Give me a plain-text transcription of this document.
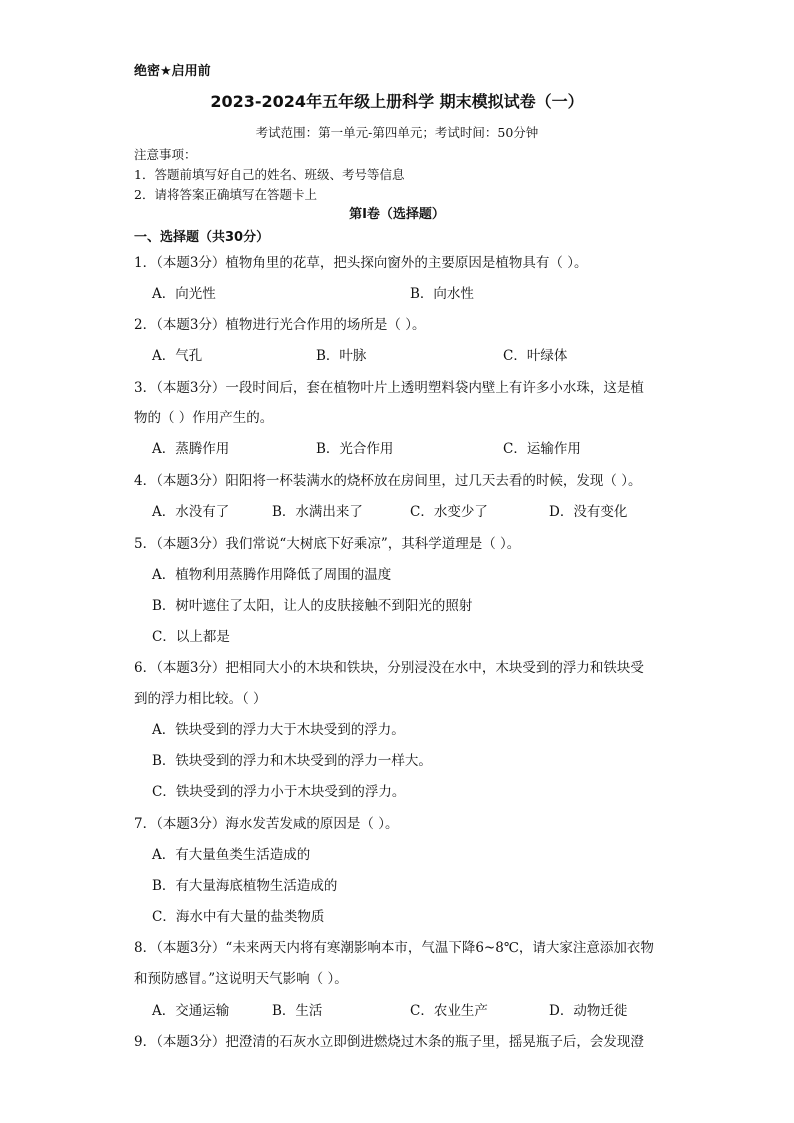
绝密★启用前
2023-2024年五年级上册科学 期末模拟试卷（一）
考试范围：第一单元-第四单元；考试时间：50分钟
注意事项：
1．答题前填写好自己的姓名、班级、考号等信息
2．请将答案正确填写在答题卡上
第I卷（选择题）
一、选择题（共30分）
1．（本题3分）植物角里的花草，把头探向窗外的主要原因是植物具有（ ）。
A．向光性	B．向水性
2．（本题3分）植物进行光合作用的场所是（ ）。
A．气孔	B．叶脉	C．叶绿体
3．（本题3分）一段时间后，套在植物叶片上透明塑料袋内壁上有许多小水珠，这是植
物的（ ）作用产生的。
A．蒸腾作用	B．光合作用	C．运输作用
4．（本题3分）阳阳将一杯装满水的烧杯放在房间里，过几天去看的时候，发现（ ）。
A．水没有了	B．水满出来了	C．水变少了	D．没有变化
5．（本题3分）我们常说“大树底下好乘凉”，其科学道理是（ ）。
A．植物利用蒸腾作用降低了周围的温度
B．树叶遮住了太阳，让人的皮肤接触不到阳光的照射
C．以上都是
6．（本题3分）把相同大小的木块和铁块，分别浸没在水中，木块受到的浮力和铁块受
到的浮力相比较。（ ）
A．铁块受到的浮力大于木块受到的浮力。
B．铁块受到的浮力和木块受到的浮力一样大。
C．铁块受到的浮力小于木块受到的浮力。
7．（本题3分）海水发苦发咸的原因是（ ）。
A．有大量鱼类生活造成的
B．有大量海底植物生活造成的
C．海水中有大量的盐类物质
8．（本题3分）“未来两天内将有寒潮影响本市，气温下降6~8℃，请大家注意添加衣物
和预防感冒。”这说明天气影响（ ）。
A．交通运输	B．生活	C．农业生产	D．动物迁徙
9．（本题3分）把澄清的石灰水立即倒进燃烧过木条的瓶子里，摇晃瓶子后，会发现澄
